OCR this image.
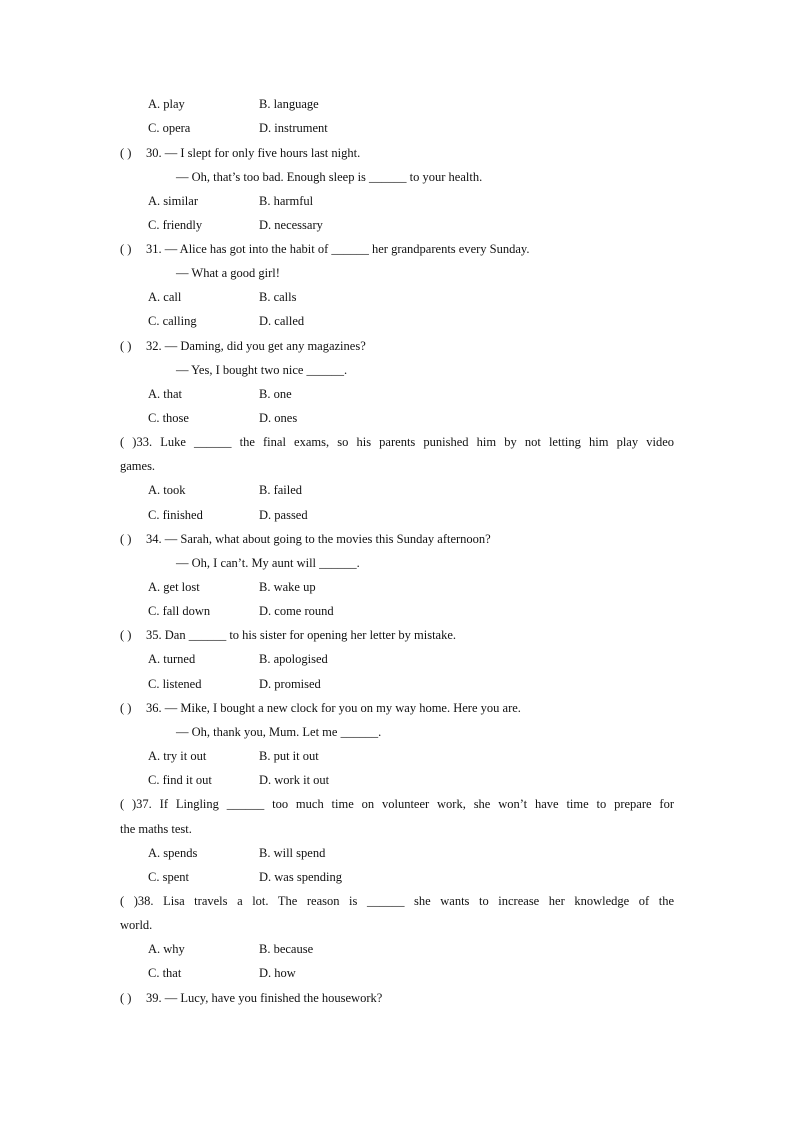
A. play	B. language
C. opera	D. instrument
( ) 30. — I slept for only five hours last night.
— Oh, that’s too bad. Enough sleep is ______ to your health.
A. similar	B. harmful
C. friendly	D. necessary
( ) 31. — Alice has got into the habit of ______ her grandparents every Sunday.
— What a good girl!
A. call	B. calls
C. calling	D. called
( ) 32. — Daming, did you get any magazines?
— Yes, I bought two nice ______.
A. that	B. one
C. those	D. ones
( )33. Luke ______ the final exams, so his parents punished him by not letting him play video
games.
A. took	B. failed
C. finished	D. passed
( ) 34. — Sarah, what about going to the movies this Sunday afternoon?
— Oh, I can’t. My aunt will ______.
A. get lost	B. wake up
C. fall down	D. come round
( ) 35. Dan ______ to his sister for opening her letter by mistake.
A. turned	B. apologised
C. listened	D. promised
( ) 36. — Mike, I bought a new clock for you on my way home. Here you are.
— Oh, thank you, Mum. Let me ______.
A. try it out	B. put it out
C. find it out	D. work it out
( )37. If Lingling ______ too much time on volunteer work, she won’t have time to prepare for
the maths test.
A. spends	B. will spend
C. spent	D. was spending
( )38. Lisa travels a lot. The reason is ______ she wants to increase her knowledge of the
world.
A. why	B. because
C. that	D. how
( ) 39. — Lucy, have you finished the housework?
